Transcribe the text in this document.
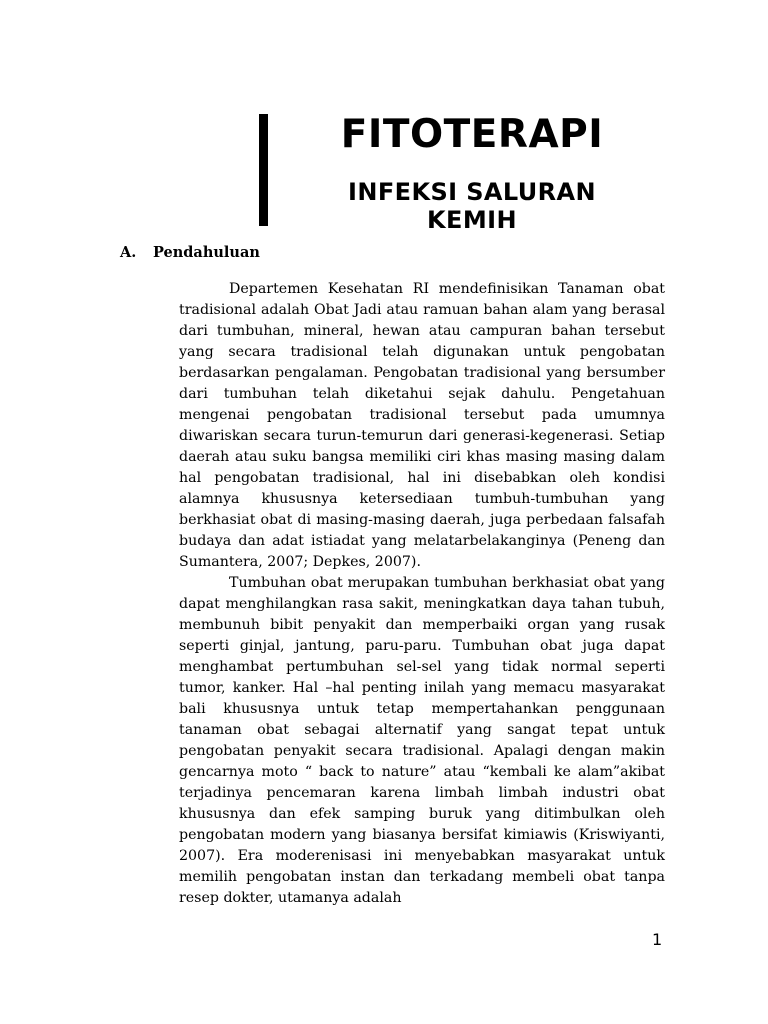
FITOTERAPI
INFEKSI SALURAN KEMIH
A. Pendahuluan

Departemen Kesehatan RI mendefinisikan Tanaman obat tradisional adalah Obat Jadi atau ramuan bahan alam yang berasal dari tumbuhan, mineral, hewan atau campuran bahan tersebut yang secara tradisional telah digunakan untuk pengobatan berdasarkan pengalaman. Pengobatan tradisional yang bersumber dari tumbuhan telah diketahui sejak dahulu. Pengetahuan mengenai pengobatan tradisional tersebut pada umumnya diwariskan secara turun-temurun dari generasi-kegenerasi. Setiap daerah atau suku bangsa memiliki ciri khas masing masing dalam hal pengobatan tradisional, hal ini disebabkan oleh kondisi alamnya khususnya ketersediaan tumbuh-tumbuhan yang berkhasiat obat di masing-masing daerah, juga perbedaan falsafah budaya dan adat istiadat yang melatarbelakanginya (Peneng dan Sumantera, 2007; Depkes, 2007).

Tumbuhan obat merupakan tumbuhan berkhasiat obat yang dapat menghilangkan rasa sakit, meningkatkan daya tahan tubuh, membunuh bibit penyakit dan memperbaiki organ yang rusak seperti ginjal, jantung, paru-paru. Tumbuhan obat juga dapat menghambat pertumbuhan sel-sel yang tidak normal seperti tumor, kanker. Hal –hal penting inilah yang memacu masyarakat bali khususnya untuk tetap mempertahankan penggunaan tanaman obat sebagai alternatif yang sangat tepat untuk pengobatan penyakit secara tradisional. Apalagi dengan makin gencarnya moto “ back to nature” atau “kembali ke alam”akibat terjadinya pencemaran karena limbah limbah industri obat khususnya dan efek samping buruk yang ditimbulkan oleh pengobatan modern yang biasanya bersifat kimiawis (Kriswiyanti, 2007). Era moderenisasi ini menyebabkan masyarakat untuk memilih pengobatan instan dan terkadang membeli obat tanpa resep dokter, utamanya adalah

1
